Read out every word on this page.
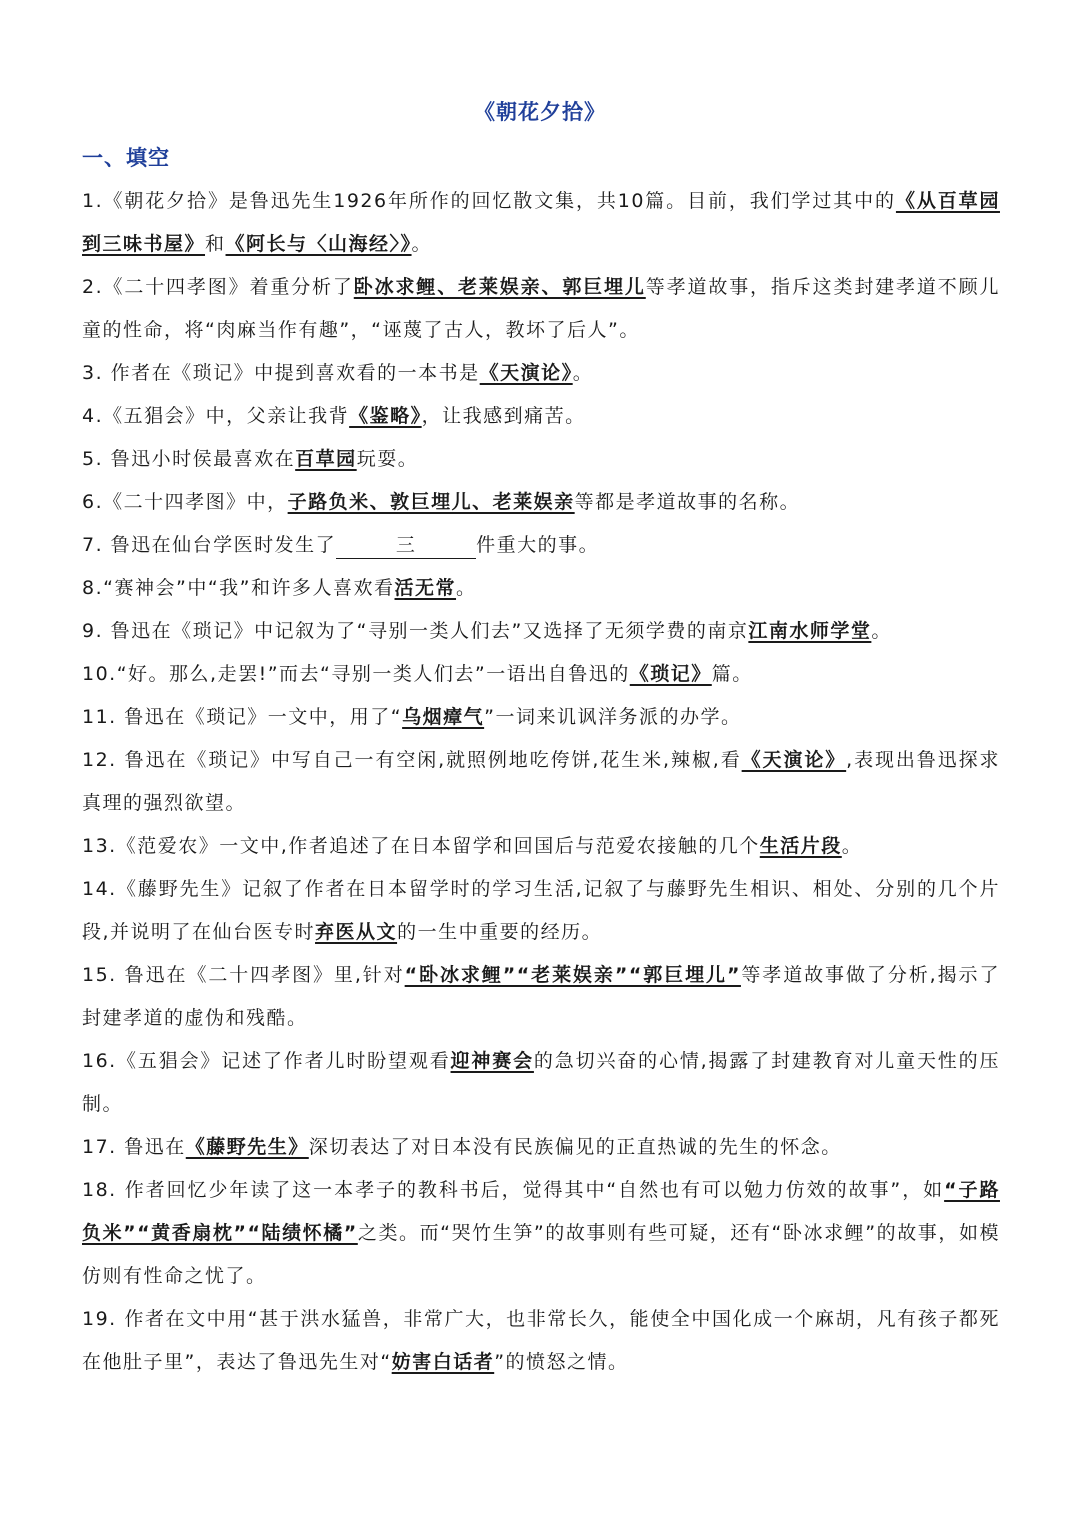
《朝花夕拾》
一、填空

1.《朝花夕拾》是鲁迅先生1926年所作的回忆散文集，共10篇。目前，我们学过其中的《从百草园到三味书屋》和《阿长与〈山海经〉》。

2.《二十四孝图》着重分析了卧冰求鲤、老莱娱亲、郭巨埋儿等孝道故事，指斥这类封建孝道不顾儿童的性命，将“肉麻当作有趣”，“诬蔑了古人，教坏了后人”。

3. 作者在《琐记》中提到喜欢看的一本书是《天演论》。

4.《五猖会》中，父亲让我背《鉴略》，让我感到痛苦。

5. 鲁迅小时侯最喜欢在百草园玩耍。

6.《二十四孝图》中，子路负米、敦巨埋儿、老莱娱亲等都是孝道故事的名称。

7. 鲁迅在仙台学医时发生了	三	件重大的事。

8.“赛神会”中“我”和许多人喜欢看活无常。

9. 鲁迅在《琐记》中记叙为了“寻别一类人们去”又选择了无须学费的南京江南水师学堂。

10.“好。那么,走罢!”而去“寻别一类人们去”一语出自鲁迅的《琐记》篇。

11. 鲁迅在《琐记》一文中，用了“乌烟瘴气”一词来讥讽洋务派的办学。

12. 鲁迅在《琐记》中写自己一有空闲,就照例地吃侉饼,花生米,辣椒,看《天演论》,表现出鲁迅探求真理的强烈欲望。

13.《范爱农》一文中,作者追述了在日本留学和回国后与范爱农接触的几个生活片段。

14.《藤野先生》记叙了作者在日本留学时的学习生活,记叙了与藤野先生相识、相处、分别的几个片段,并说明了在仙台医专时弃医从文的一生中重要的经历。

15. 鲁迅在《二十四孝图》里,针对“卧冰求鲤”“老莱娱亲”“郭巨埋儿”等孝道故事做了分析,揭示了封建孝道的虚伪和残酷。

16.《五猖会》记述了作者儿时盼望观看迎神赛会的急切兴奋的心情,揭露了封建教育对儿童天性的压制。

17. 鲁迅在《藤野先生》深切表达了对日本没有民族偏见的正直热诚的先生的怀念。

18. 作者回忆少年读了这一本孝子的教科书后，觉得其中“自然也有可以勉力仿效的故事”，如“子路负米”“黄香扇枕”“陆绩怀橘”之类。而“哭竹生笋”的故事则有些可疑，还有“卧冰求鲤”的故事，如模仿则有性命之忧了。

19. 作者在文中用“甚于洪水猛兽，非常广大，也非常长久，能使全中国化成一个麻胡，凡有孩子都死在他肚子里”，表达了鲁迅先生对“妨害白话者”的愤怒之情。
